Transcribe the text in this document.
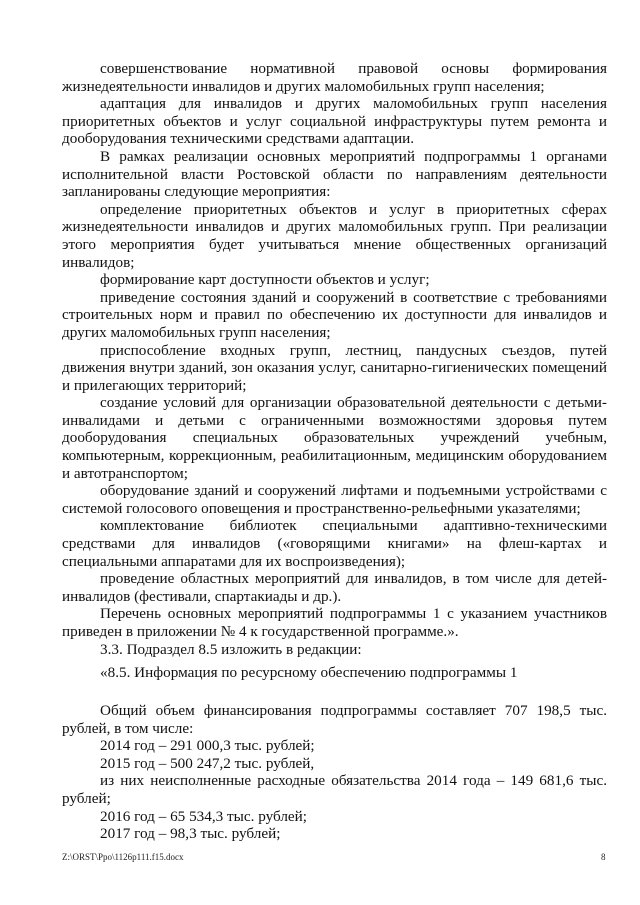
совершенствование нормативной правовой основы формирования жизнедеятельности инвалидов и других маломобильных групп населения;

адаптация для инвалидов и других маломобильных групп населения приоритетных объектов и услуг социальной инфраструктуры путем ремонта и дооборудования техническими средствами адаптации.

В рамках реализации основных мероприятий подпрограммы 1 органами исполнительной власти Ростовской области по направлениям деятельности запланированы следующие мероприятия:

определение приоритетных объектов и услуг в приоритетных сферах жизнедеятельности инвалидов и других маломобильных групп. При реализации этого мероприятия будет учитываться мнение общественных организаций инвалидов;

формирование карт доступности объектов и услуг;

приведение состояния зданий и сооружений в соответствие с требованиями строительных норм и правил по обеспечению их доступности для инвалидов и других маломобильных групп населения;

приспособление входных групп, лестниц, пандусных съездов, путей движения внутри зданий, зон оказания услуг, санитарно-гигиенических помещений и прилегающих территорий;

создание условий для организации образовательной деятельности с детьми-инвалидами и детьми с ограниченными возможностями здоровья путем дооборудования специальных образовательных учреждений учебным, компьютерным, коррекционным, реабилитационным, медицинским оборудованием и автотранспортом;

оборудование зданий и сооружений лифтами и подъемными устройствами с системой голосового оповещения и пространственно-рельефными указателями;

комплектование библиотек специальными адаптивно-техническими средствами для инвалидов («говорящими книгами» на флеш-картах и специальными аппаратами для их воспроизведения);

проведение областных мероприятий для инвалидов, в том числе для детей-инвалидов (фестивали, спартакиады и др.).

Перечень основных мероприятий подпрограммы 1 с указанием участников приведен в приложении № 4 к государственной программе.».

3.3. Подраздел 8.5 изложить в редакции:

«8.5. Информация по ресурсному обеспечению подпрограммы 1

Общий объем финансирования подпрограммы составляет 707 198,5 тыс. рублей, в том числе:

2014 год – 291 000,3 тыс. рублей;

2015 год – 500 247,2 тыс. рублей,

из них неисполненные расходные обязательства 2014 года – 149 681,6 тыс. рублей;

2016 год – 65 534,3 тыс. рублей;

2017 год – 98,3 тыс. рублей;

Z:\ORST\Ppo\1126p111.f15.docx	8
